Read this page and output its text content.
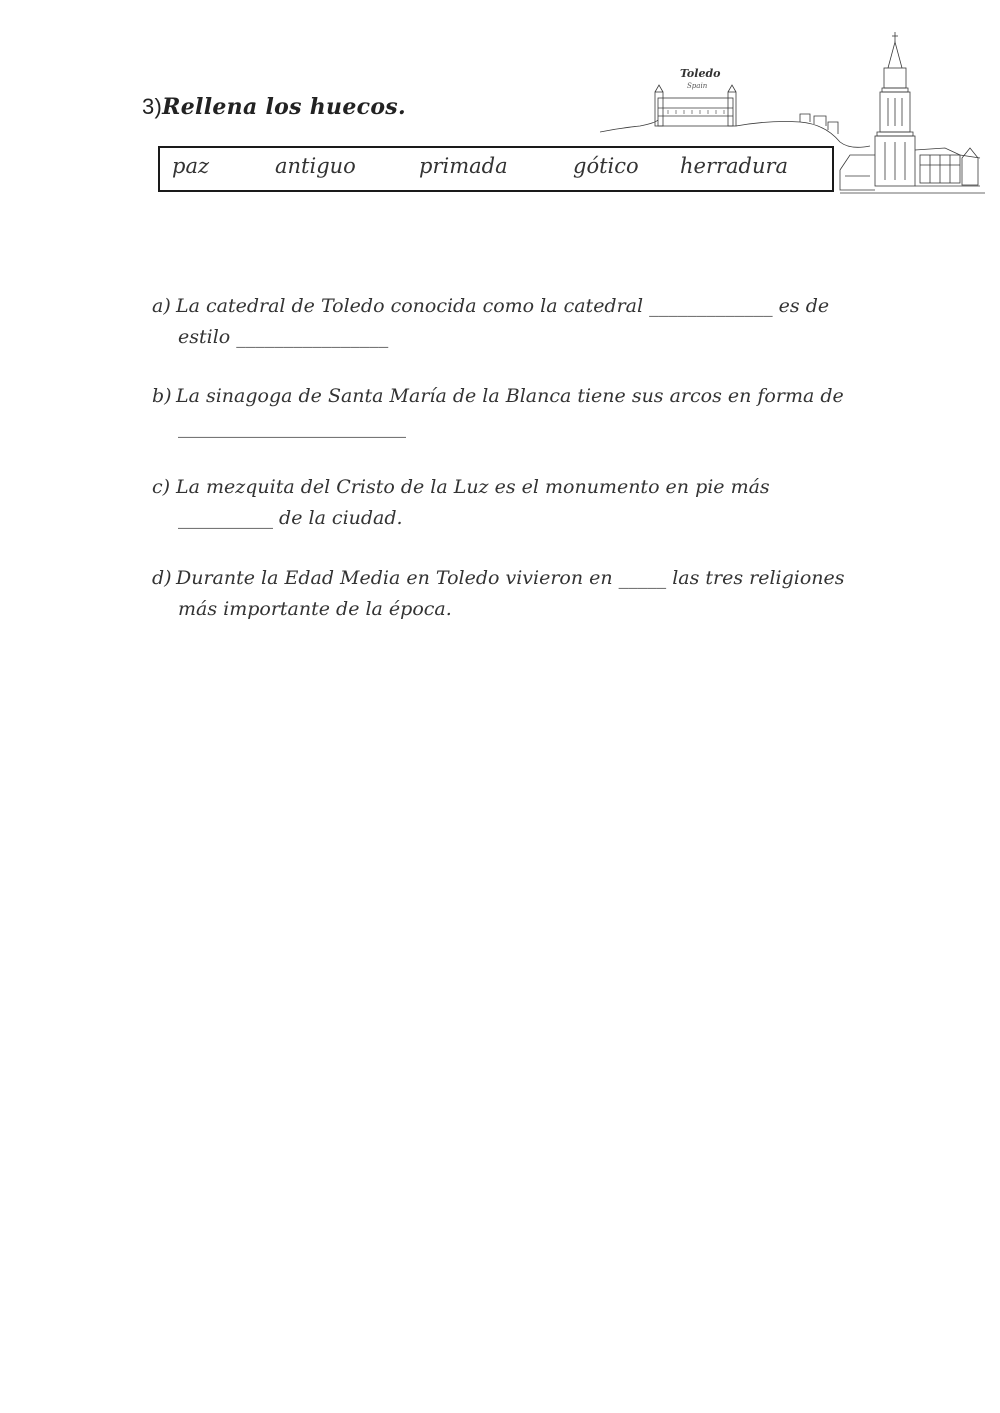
3)Rellena los huecos.
paz	antiguo	primada	gótico herradura
Toledo
Spain
a) La catedral de Toledo conocida como la catedral _____________ es de
estilo ________________
b) La sinagoga de Santa María de la Blanca tiene sus arcos en forma de
________________________
c) La mezquita del Cristo de la Luz es el monumento en pie más
__________ de la ciudad.
d) Durante la Edad Media en Toledo vivieron en _____ las tres religiones
más importante de la época.
